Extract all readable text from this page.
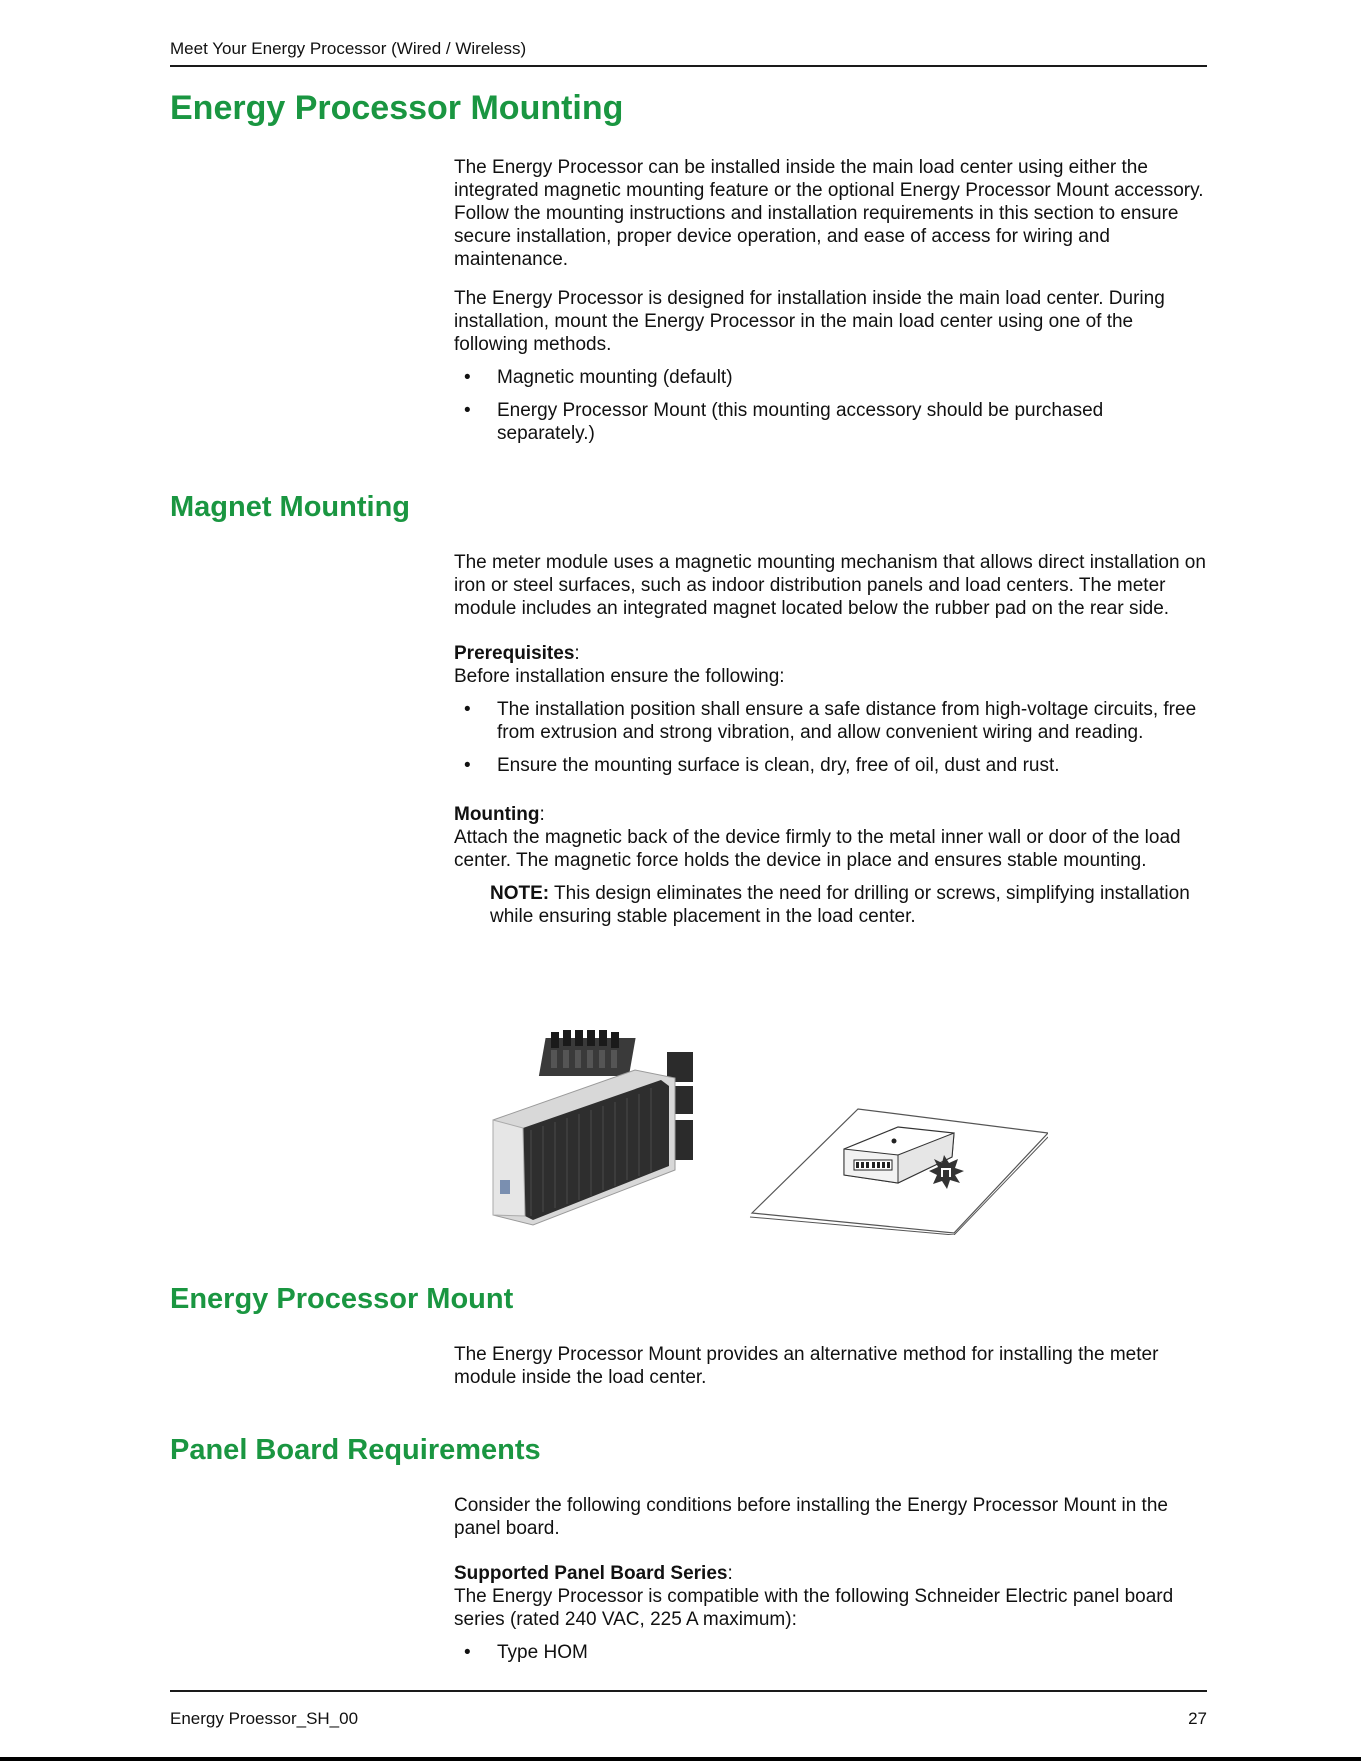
Meet Your Energy Processor (Wired / Wireless)
Energy Processor Mounting

The Energy Processor can be installed inside the main load center using either the integrated magnetic mounting feature or the optional Energy Processor Mount accessory. Follow the mounting instructions and installation requirements in this section to ensure secure installation, proper device operation, and ease of access for wiring and maintenance.

The Energy Processor is designed for installation inside the main load center. During installation, mount the Energy Processor in the main load center using one of the following methods.

• Magnetic mounting (default)
• Energy Processor Mount (this mounting accessory should be purchased separately.)
Magnet Mounting

The meter module uses a magnetic mounting mechanism that allows direct installation on iron or steel surfaces, such as indoor distribution panels and load centers. The meter module includes an integrated magnet located below the rubber pad on the rear side.

Prerequisites:
Before installation ensure the following:

• The installation position shall ensure a safe distance from high-voltage circuits, free from extrusion and strong vibration, and allow convenient wiring and reading.
• Ensure the mounting surface is clean, dry, free of oil, dust and rust.

Mounting:
Attach the magnetic back of the device firmly to the metal inner wall or door of the load center. The magnetic force holds the device in place and ensures stable mounting.

NOTE: This design eliminates the need for drilling or screws, simplifying installation while ensuring stable placement in the load center.

Energy Processor Mount

The Energy Processor Mount provides an alternative method for installing the meter module inside the load center.

Panel Board Requirements

Consider the following conditions before installing the Energy Processor Mount in the panel board.

Supported Panel Board Series:
The Energy Processor is compatible with the following Schneider Electric panel board series (rated 240 VAC, 225 A maximum):

• Type HOM
Energy Proessor_SH_00	27
